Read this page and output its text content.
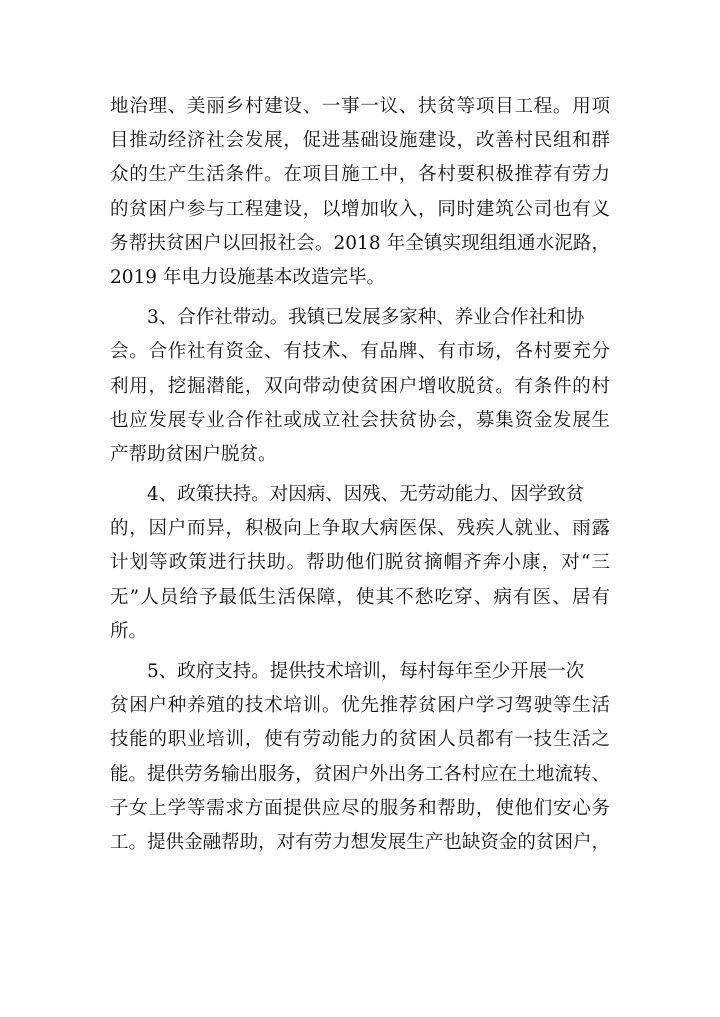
地治理、美丽乡村建设、一事一议、扶贫等项目工程。用项
目推动经济社会发展，促进基础设施建设，改善村民组和群
众的生产生活条件。在项目施工中，各村要积极推荐有劳力
的贫困户参与工程建设，以增加收入，同时建筑公司也有义
务帮扶贫困户以回报社会。2018 年全镇实现组组通水泥路，
2019 年电力设施基本改造完毕。
3、合作社带动。我镇已发展多家种、养业合作社和协
会。合作社有资金、有技术、有品牌、有市场，各村要充分
利用，挖掘潜能，双向带动使贫困户增收脱贫。有条件的村
也应发展专业合作社或成立社会扶贫协会，募集资金发展生
产帮助贫困户脱贫。
4、政策扶持。对因病、因残、无劳动能力、因学致贫
的，因户而异，积极向上争取大病医保、残疾人就业、雨露
计划等政策进行扶助。帮助他们脱贫摘帽齐奔小康，对“三
无”人员给予最低生活保障，使其不愁吃穿、病有医、居有
所。
5、政府支持。提供技术培训，每村每年至少开展一次
贫困户种养殖的技术培训。优先推荐贫困户学习驾驶等生活
技能的职业培训，使有劳动能力的贫困人员都有一技生活之
能。提供劳务输出服务，贫困户外出务工各村应在土地流转、
子女上学等需求方面提供应尽的服务和帮助，使他们安心务
工。提供金融帮助，对有劳力想发展生产也缺资金的贫困户，
